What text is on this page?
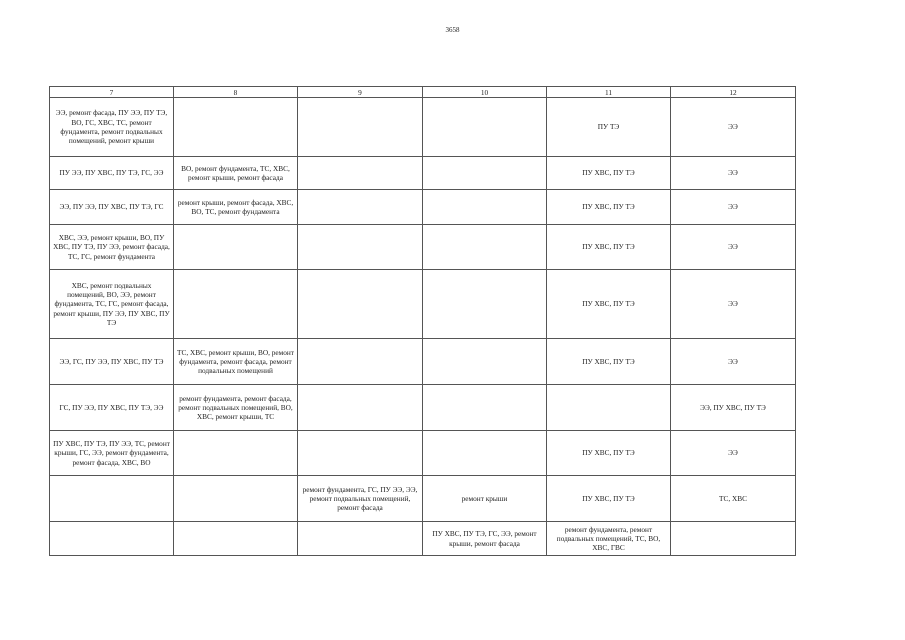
3658
7	8	9	10	11	12
ЭЭ, ремонт фасада, ПУ ЭЭ, ПУ ТЭ, ВО, ГС, ХВС, ТС, ремонт фундамента, ремонт подвальных помещений, ремонт крыши				ПУ ТЭ	ЭЭ
ПУ ЭЭ, ПУ ХВС, ПУ ТЭ, ГС, ЭЭ	ВО, ремонт фундамента, ТС, ХВС, ремонт крыши, ремонт фасада			ПУ ХВС, ПУ ТЭ	ЭЭ
ЭЭ, ПУ ЭЭ, ПУ ХВС, ПУ ТЭ, ГС	ремонт крыши, ремонт фасада, ХВС, ВО, ТС, ремонт фундамента			ПУ ХВС, ПУ ТЭ	ЭЭ
ХВС, ЭЭ, ремонт крыши, ВО, ПУ ХВС, ПУ ТЭ, ПУ ЭЭ, ремонт фасада, ТС, ГС, ремонт фундамента				ПУ ХВС, ПУ ТЭ	ЭЭ
ХВС, ремонт подвальных помещений, ВО, ЭЭ, ремонт фундамента, ТС, ГС, ремонт фасада, ремонт крыши, ПУ ЭЭ, ПУ ХВС, ПУ ТЭ				ПУ ХВС, ПУ ТЭ	ЭЭ
ЭЭ, ГС, ПУ ЭЭ, ПУ ХВС, ПУ ТЭ	ТС, ХВС, ремонт крыши, ВО, ремонт фундамента, ремонт фасада, ремонт подвальных помещений			ПУ ХВС, ПУ ТЭ	ЭЭ
ГС, ПУ ЭЭ, ПУ ХВС, ПУ ТЭ, ЭЭ	ремонт фундамента, ремонт фасада, ремонт подвальных помещений, ВО, ХВС, ремонт крыши, ТС				ЭЭ, ПУ ХВС, ПУ ТЭ
ПУ ХВС, ПУ ТЭ, ПУ ЭЭ, ТС, ремонт крыши, ГС, ЭЭ, ремонт фундамента, ремонт фасада, ХВС, ВО				ПУ ХВС, ПУ ТЭ	ЭЭ
		ремонт фундамента, ГС, ПУ ЭЭ, ЭЭ, ремонт подвальных помещений, ремонт фасада	ремонт крыши	ПУ ХВС, ПУ ТЭ	ТС, ХВС
			ПУ ХВС, ПУ ТЭ, ГС, ЭЭ, ремонт крыши, ремонт фасада	ремонт фундамента, ремонт подвальных помещений, ТС, ВО, ХВС, ГВС	
